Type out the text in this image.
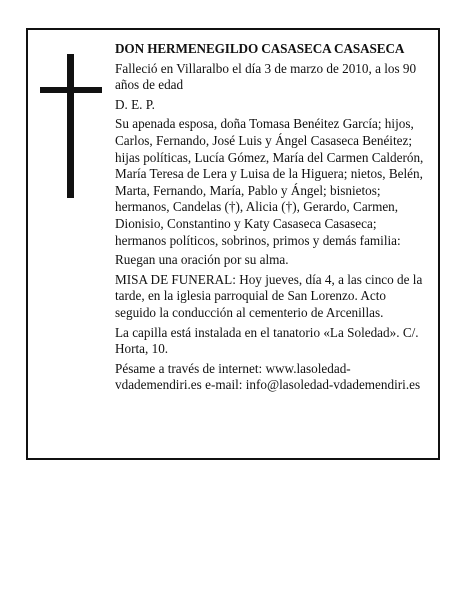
DON HERMENEGILDO CASASECA CASASECA

Falleció en Villaralbo el día 3 de marzo de 2010, a los 90 años de edad

D. E. P.

Su apenada esposa, doña Tomasa Benéitez García; hijos, Carlos, Fernando, José Luis y Ángel Casaseca Benéitez; hijas políticas, Lucía Gómez, María del Carmen Calderón, María Teresa de Lera y Luisa de la Higuera; nietos, Belén, Marta, Fernando, María, Pablo y Ángel; bisnietos; hermanos, Candelas (†), Alicia (†), Gerardo, Carmen, Dionisio, Constantino y Katy Casaseca Casaseca; hermanos políticos, sobrinos, primos y demás familia:

Ruegan una oración por su alma.

MISA DE FUNERAL: Hoy jueves, día 4, a las cinco de la tarde, en la iglesia parroquial de San Lorenzo. Acto seguido la conducción al cementerio de Arcenillas.

La capilla está instalada en el tanatorio «La Soledad». C/. Horta, 10.

Pésame a través de internet: www.lasoledad-vdademendiri.es e-mail: info@lasoledad-vdademendiri.es
